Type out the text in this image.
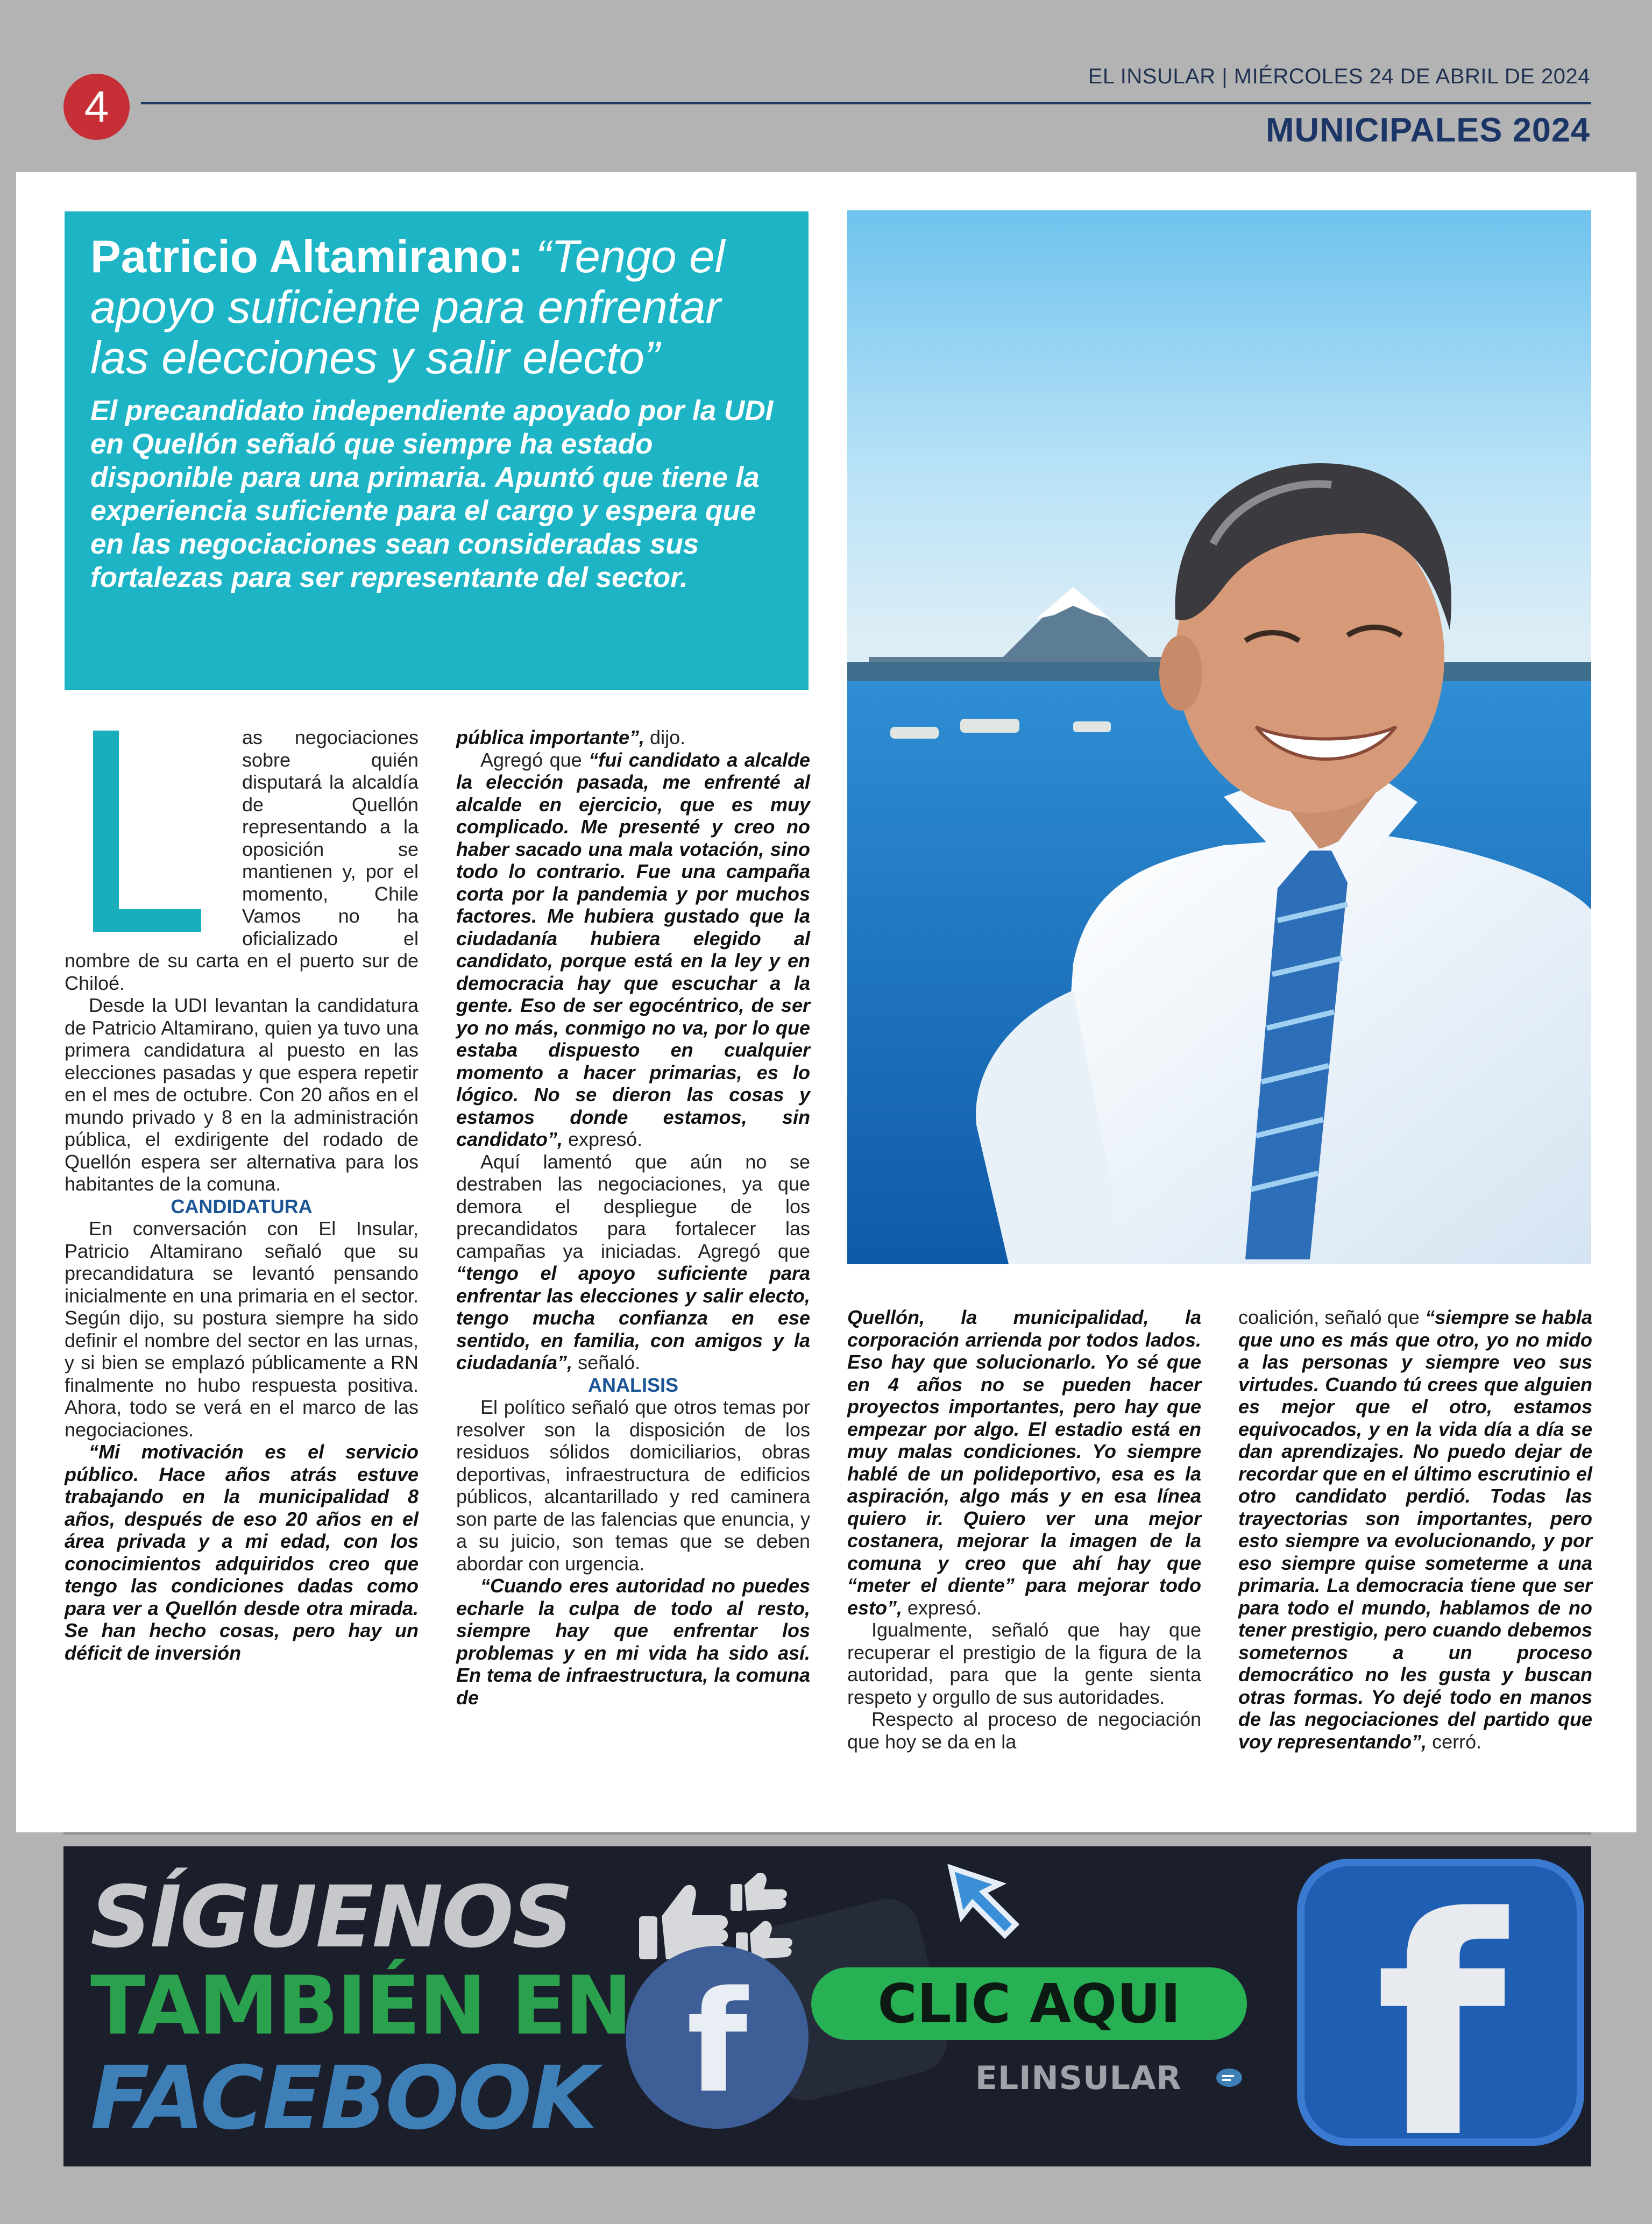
4
EL INSULAR | MIÉRCOLES 24 DE ABRIL DE 2024
MUNICIPALES 2024

Patricio Altamirano: “Tengo el apoyo suficiente para enfrentar las elecciones y salir electo”

El precandidato independiente apoyado por la UDI en Quellón señaló que siempre ha estado disponible para una primaria. Apuntó que tiene la experiencia suficiente para el cargo y espera que en las negociaciones sean consideradas sus fortalezas para ser representante del sector.

as negociaciones sobre quién disputará la alcaldía de Quellón representando a la oposición se mantienen y, por el momento, Chile Vamos no ha oficializado el nombre de su carta en el puerto sur de Chiloé.

Desde la UDI levantan la candidatura de Patricio Altamirano, quien ya tuvo una primera candidatura al puesto en las elecciones pasadas y que espera repetir en el mes de octubre. Con 20 años en el mundo privado y 8 en la administración pública, el exdirigente del rodado de Quellón espera ser alternativa para los habitantes de la comuna.

CANDIDATURA

En conversación con El Insular, Patricio Altamirano señaló que su precandidatura se levantó pensando inicialmente en una primaria en el sector. Según dijo, su postura siempre ha sido definir el nombre del sector en las urnas, y si bien se emplazó públicamente a RN finalmente no hubo respuesta positiva. Ahora, todo se verá en el marco de las negociaciones.

“Mi motivación es el servicio público. Hace años atrás estuve trabajando en la municipalidad 8 años, después de eso 20 años en el área privada y a mi edad, con los conocimientos adquiridos creo que tengo las condiciones dadas como para ver a Quellón desde otra mirada. Se han hecho cosas, pero hay un déficit de inversión

pública importante”, dijo.

Agregó que “fui candidato a alcalde la elección pasada, me enfrenté al alcalde en ejercicio, que es muy complicado. Me presenté y creo no haber sacado una mala votación, sino todo lo contrario. Fue una campaña corta por la pandemia y por muchos factores. Me hubiera gustado que la ciudadanía hubiera elegido al candidato, porque está en la ley y en democracia hay que escuchar a la gente. Eso de ser egocéntrico, de ser yo no más, conmigo no va, por lo que estaba dispuesto en cualquier momento a hacer primarias, es lo lógico. No se dieron las cosas y estamos donde estamos, sin candidato”, expresó.

Aquí lamentó que aún no se destraben las negociaciones, ya que demora el despliegue de los precandidatos para fortalecer las campañas ya iniciadas. Agregó que “tengo el apoyo suficiente para enfrentar las elecciones y salir electo, tengo mucha confianza en ese sentido, en familia, con amigos y la ciudadanía”, señaló.

ANALISIS

El político señaló que otros temas por resolver son la disposición de los residuos sólidos domiciliarios, obras deportivas, infraestructura de edificios públicos, alcantarillado y red caminera son parte de las falencias que enuncia, y a su juicio, son temas que se deben abordar con urgencia.

“Cuando eres autoridad no puedes echarle la culpa de todo al resto, siempre hay que enfrentar los problemas y en mi vida ha sido así. En tema de infraestructura, la comuna de

Quellón, la municipalidad, la corporación arrienda por todos lados. Eso hay que solucionarlo. Yo sé que en 4 años no se pueden hacer proyectos importantes, pero hay que empezar por algo. El estadio está en muy malas condiciones. Yo siempre hablé de un polideportivo, esa es la aspiración, algo más y en esa línea quiero ir. Quiero ver una mejor costanera, mejorar la imagen de la comuna y creo que ahí hay que “meter el diente” para mejorar todo esto”, expresó.

Igualmente, señaló que hay que recuperar el prestigio de la figura de la autoridad, para que la gente sienta respeto y orgullo de sus autoridades.

Respecto al proceso de negociación que hoy se da en la

coalición, señaló que “siempre se habla que uno es más que otro, yo no mido a las personas y siempre veo sus virtudes. Cuando tú crees que alguien es mejor que el otro, estamos equivocados, y en la vida día a día se dan aprendizajes. No puedo dejar de recordar que en el último escrutinio el otro candidato perdió. Todas las trayectorias son importantes, pero esto siempre va evolucionando, y por eso siempre quise someterme a una primaria. La democracia tiene que ser para todo el mundo, hablamos de no tener prestigio, pero cuando debemos someternos a un proceso democrático no les gusta y buscan otras formas. Yo dejé todo en manos de las negociaciones del partido que voy representando”, cerró.

SÍGUENOS
TAMBIÉN EN
FACEBOOK f	CLIC AQUI
ELINSULAR f
